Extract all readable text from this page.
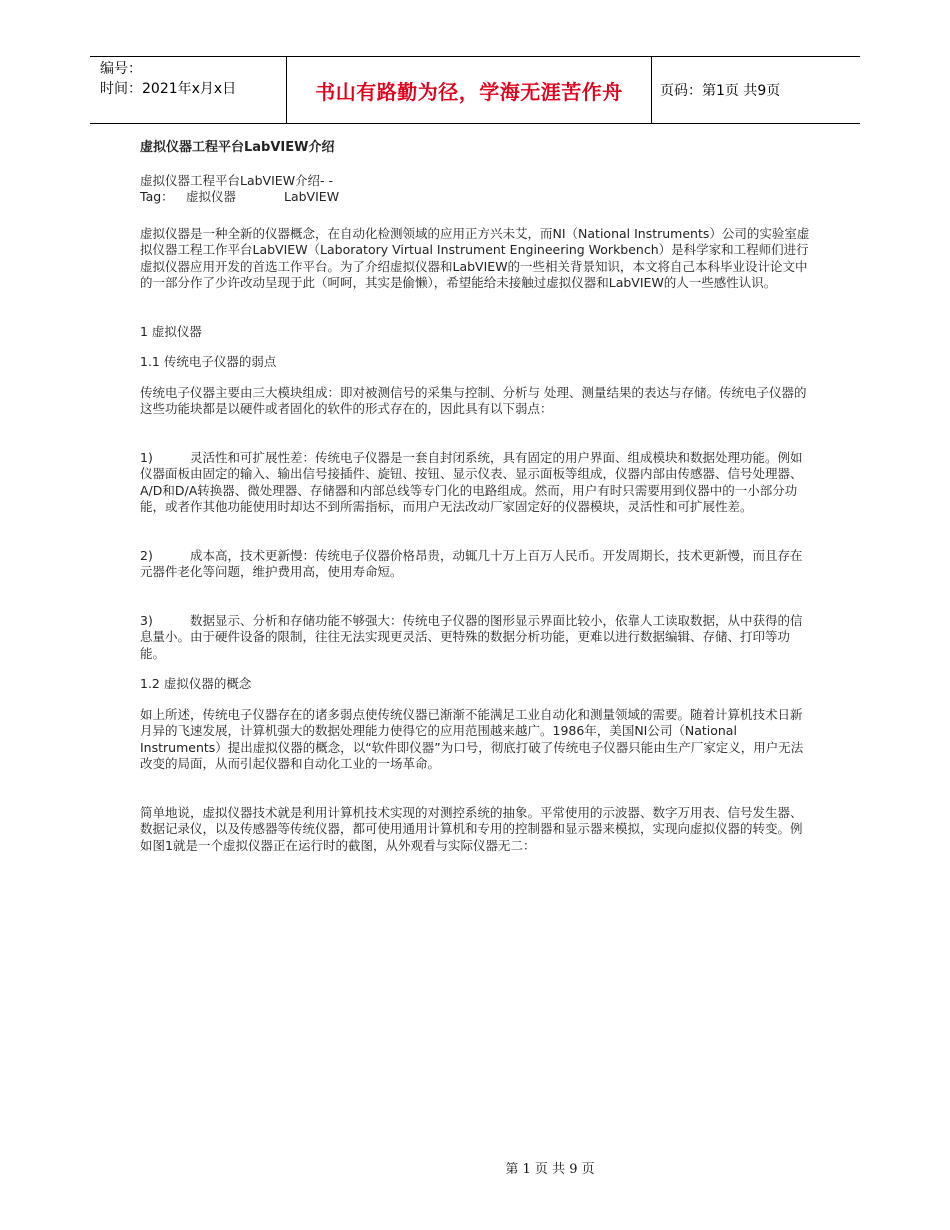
编号：
时间：2021年x月x日	书山有路勤为径，学海无涯苦作舟	页码：第1页 共9页

虚拟仪器工程平台LabVIEW介绍

虚拟仪器工程平台LabVIEW介绍- -

Tag： 虚拟仪器	LabVIEW

虚拟仪器是一种全新的仪器概念，在自动化检测领域的应用正方兴未艾，而NI（National Instruments）公司的实验室虚拟仪器工程工作平台LabVIEW（Laboratory Virtual Instrument Engineering Workbench）是科学家和工程师们进行虚拟仪器应用开发的首选工作平台。为了介绍虚拟仪器和LabVIEW的一些相关背景知识，本文将自己本科毕业设计论文中的一部分作了少许改动呈现于此（呵呵，其实是偷懒），希望能给未接触过虚拟仪器和LabVIEW的人一些感性认识。

1 虚拟仪器

1.1 传统电子仪器的弱点

传统电子仪器主要由三大模块组成：即对被测信号的采集与控制、分析与 处理、测量结果的表达与存储。传统电子仪器的这些功能块都是以硬件或者固化的软件的形式存在的，因此具有以下弱点：

1)	灵活性和可扩展性差：传统电子仪器是一套自封闭系统，具有固定的用户界面、组成模块和数据处理功能。例如仪器面板由固定的输入、输出信号接插件、旋钮、按钮、显示仪表、显示面板等组成，仪器内部由传感器、信号处理器、A/D和D/A转换器、微处理器、存储器和内部总线等专门化的电路组成。然而，用户有时只需要用到仪器中的一小部分功能，或者作其他功能使用时却达不到所需指标，而用户无法改动厂家固定好的仪器模块，灵活性和可扩展性差。

2)	成本高，技术更新慢：传统电子仪器价格昂贵，动辄几十万上百万人民币。开发周期长，技术更新慢，而且存在元器件老化等问题，维护费用高，使用寿命短。

3)	数据显示、分析和存储功能不够强大：传统电子仪器的图形显示界面比较小，依靠人工读取数据，从中获得的信息量小。由于硬件设备的限制，往往无法实现更灵活、更特殊的数据分析功能，更难以进行数据编辑、存储、打印等功能。

1.2 虚拟仪器的概念

如上所述，传统电子仪器存在的诸多弱点使传统仪器已渐渐不能满足工业自动化和测量领域的需要。随着计算机技术日新月异的飞速发展，计算机强大的数据处理能力使得它的应用范围越来越广。1986年，美国NI公司（National Instruments）提出虚拟仪器的概念，以“软件即仪器”为口号，彻底打破了传统电子仪器只能由生产厂家定义，用户无法改变的局面，从而引起仪器和自动化工业的一场革命。

简单地说，虚拟仪器技术就是利用计算机技术实现的对测控系统的抽象。平常使用的示波器、数字万用表、信号发生器、数据记录仪，以及传感器等传统仪器，都可使用通用计算机和专用的控制器和显示器来模拟，实现向虚拟仪器的转变。例如图1就是一个虚拟仪器正在运行时的截图，从外观看与实际仪器无二：

第 1 页 共 9 页
